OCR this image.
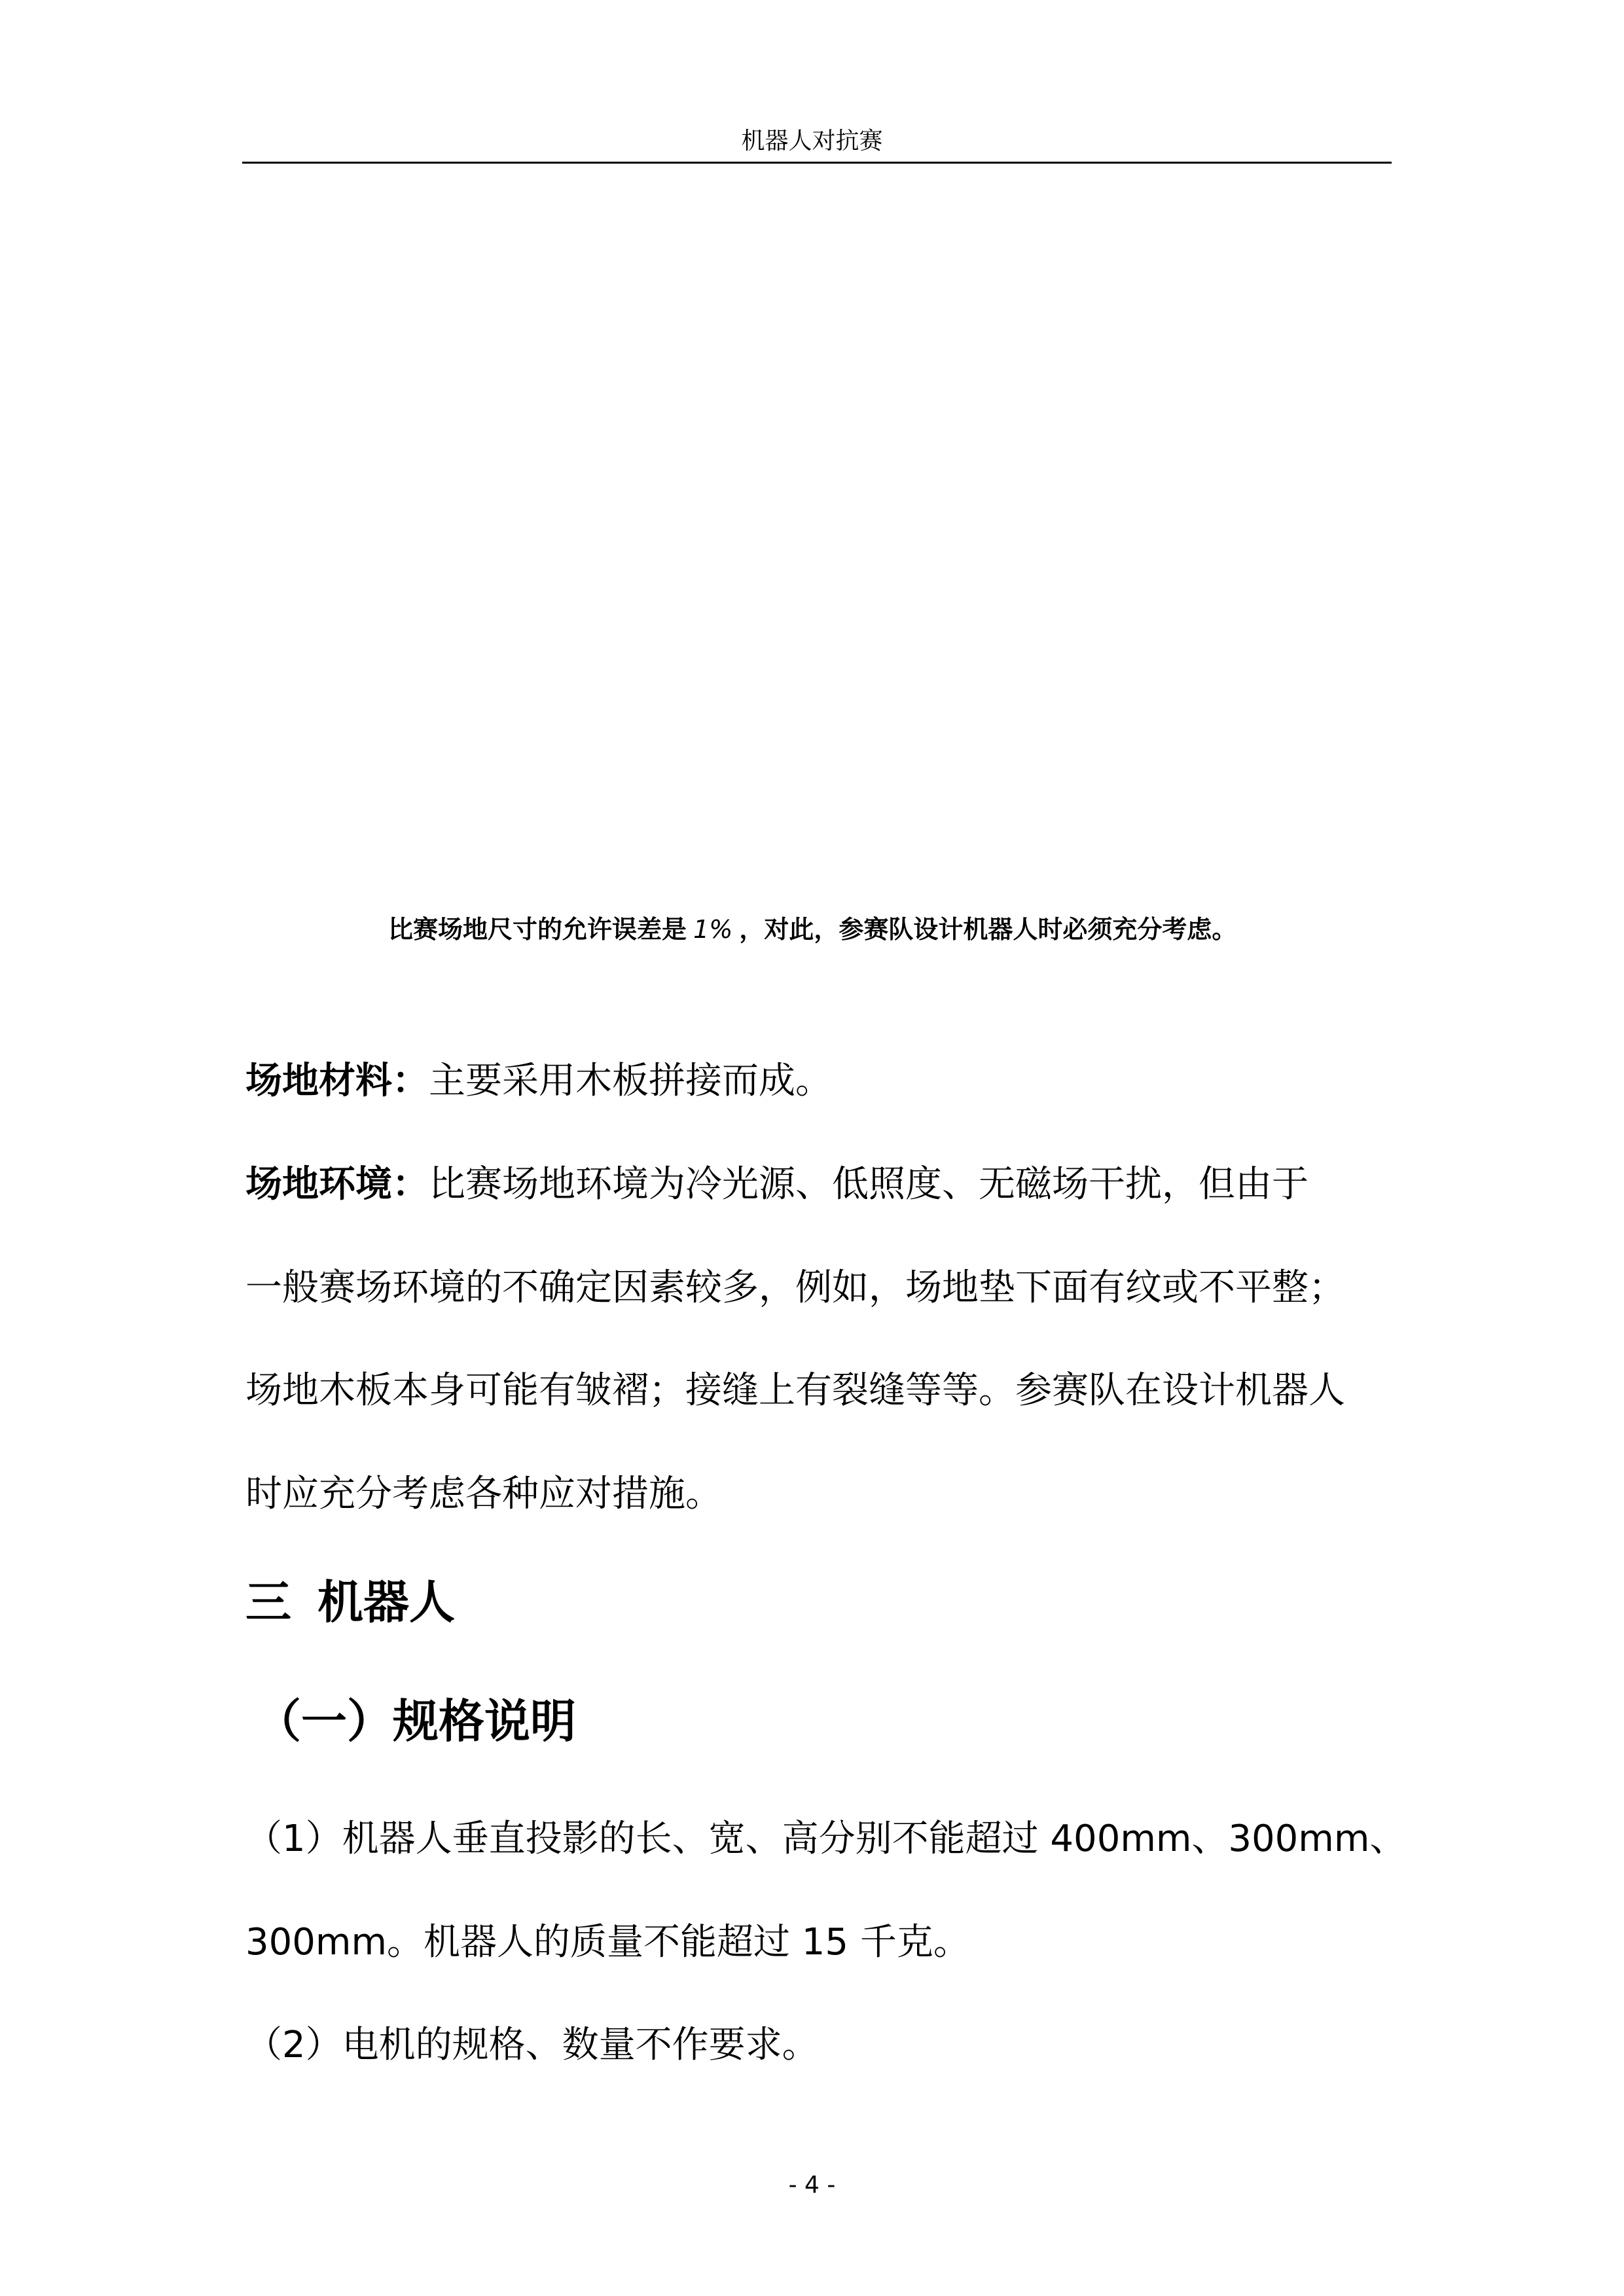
机器人对抗赛
比赛场地尺寸的允许误差是 1% ，对此，参赛队设计机器人时必须充分考虑。
场地材料：主要采用木板拼接而成。
场地环境：比赛场地环境为冷光源、低照度、无磁场干扰，但由于
一般赛场环境的不确定因素较多，例如，场地垫下面有纹或不平整；
场地木板本身可能有皱褶；接缝上有裂缝等等。参赛队在设计机器人
时应充分考虑各种应对措施。
三 机器人
（一）规格说明
（1）机器人垂直投影的长、宽、高分别不能超过 400mm、300mm、
300mm。机器人的质量不能超过 15 千克。
（2）电机的规格、数量不作要求。
- 4 -
